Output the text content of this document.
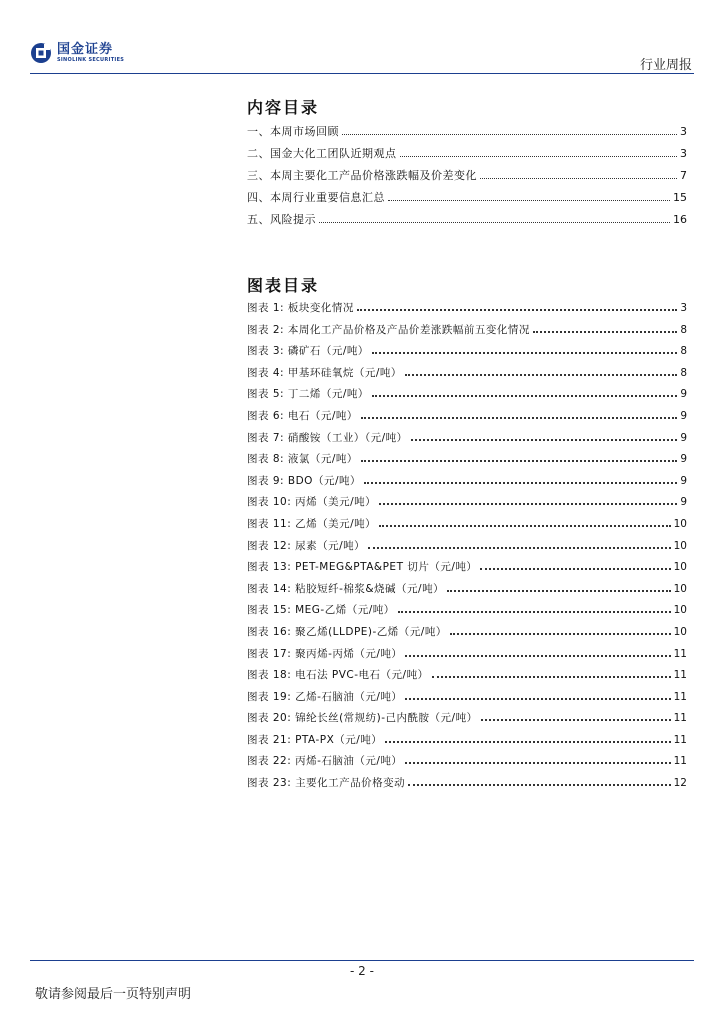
国金证券
SINOLINK SECURITIES	行业周报
内容目录
一、本周市场回顾	3
二、国金大化工团队近期观点	3
三、本周主要化工产品价格涨跌幅及价差变化	7
四、本周行业重要信息汇总	15
五、风险提示	16
图表目录
图表 1: 板块变化情况	3
图表 2: 本周化工产品价格及产品价差涨跌幅前五变化情况	8
图表 3: 磷矿石（元/吨）	8
图表 4: 甲基环硅氧烷（元/吨）	8
图表 5: 丁二烯（元/吨）	9
图表 6: 电石（元/吨）	9
图表 7: 硝酸铵（工业）（元/吨）	9
图表 8: 液氯（元/吨）	9
图表 9: BDO（元/吨）	9
图表 10: 丙烯（美元/吨）	9
图表 11: 乙烯（美元/吨）	10
图表 12: 尿素（元/吨）	10
图表 13: PET-MEG&PTA&PET 切片（元/吨）	10
图表 14: 粘胶短纤-棉浆&烧碱（元/吨）	10
图表 15: MEG-乙烯（元/吨）	10
图表 16: 聚乙烯(LLDPE)-乙烯（元/吨）	10
图表 17: 聚丙烯-丙烯（元/吨）	11
图表 18: 电石法 PVC-电石（元/吨）	11
图表 19: 乙烯-石脑油（元/吨）	11
图表 20: 锦纶长丝(常规纺)-己内酰胺（元/吨）	11
图表 21: PTA-PX（元/吨）	11
图表 22: 丙烯-石脑油（元/吨）	11
图表 23: 主要化工产品价格变动	12
- 2 -
敬请参阅最后一页特别声明
